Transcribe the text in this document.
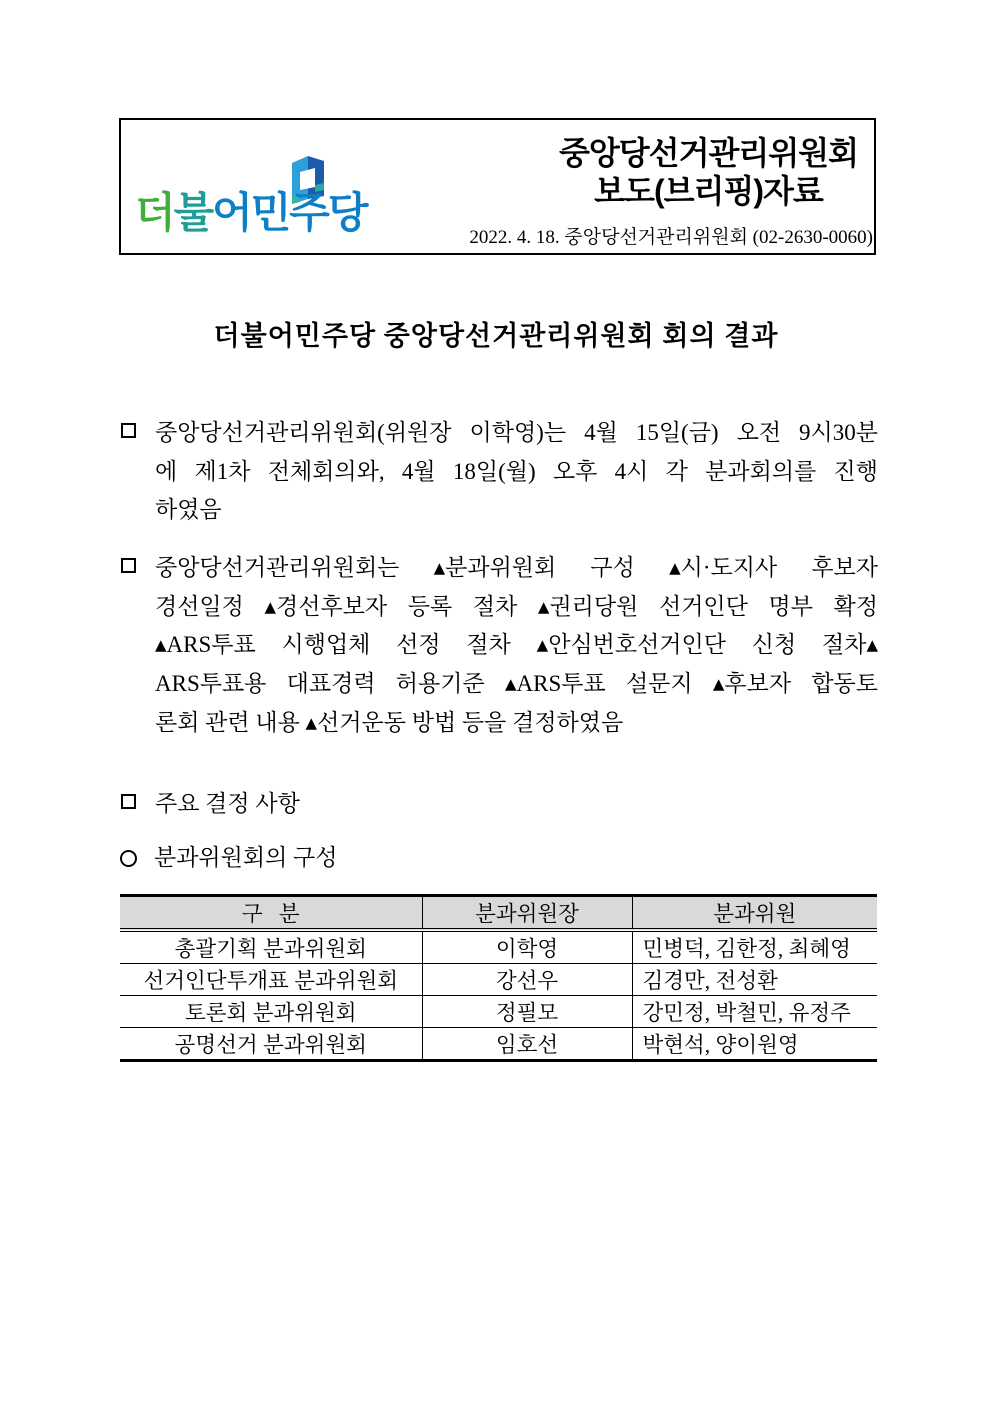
더불어민주당
중앙당선거관리위원회
보도(브리핑)자료
2022. 4. 18. 중앙당선거관리위원회 (02-2630-0060)
더불어민주당 중앙당선거관리위원회 회의 결과
중앙당선거관리위원회(위원장 이학영)는 4월 15일(금) 오전 9시30분
에 제1차 전체회의와, 4월 18일(월) 오후 4시 각 분과회의를 진행
하였음
중앙당선거관리위원회는 ▴분과위원회 구성 ▴시·도지사 후보자
경선일정 ▴경선후보자 등록 절차 ▴권리당원 선거인단 명부 확정
▴ARS투표 시행업체 선정 절차 ▴안심번호선거인단 신청 절차▴
ARS투표용 대표경력 허용기준 ▴ARS투표 설문지 ▴후보자 합동토
론회 관련 내용 ▴선거운동 방법 등을 결정하였음
주요 결정 사항
분과위원회의 구성
구   분	분과위원장	분과위원
총괄기획 분과위원회	이학영	민병덕, 김한정, 최혜영
선거인단투개표 분과위원회	강선우	김경만, 전성환
토론회 분과위원회	정필모	강민정, 박철민, 유정주
공명선거 분과위원회	임호선	박현석, 양이원영
